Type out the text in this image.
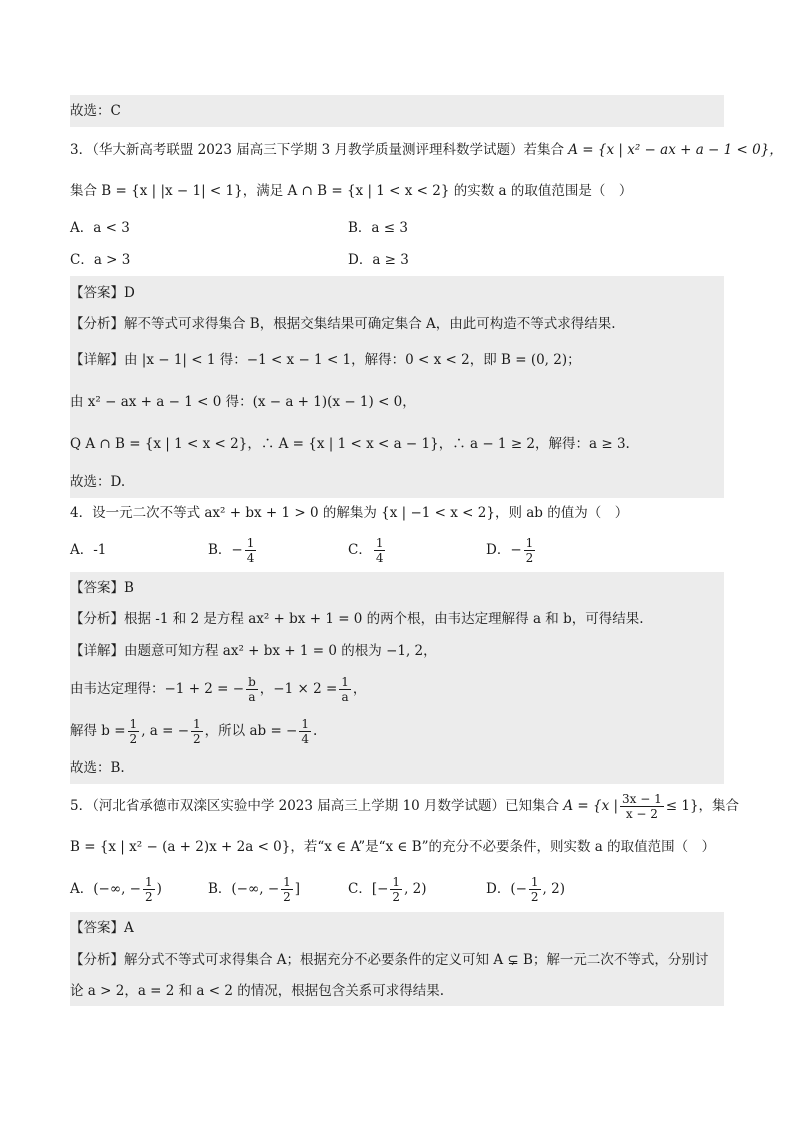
故选：C
3．（华大新高考联盟 2023 届高三下学期 3 月教学质量测评理科数学试题）若集合 A = {x | x² − ax + a − 1 < 0}，
集合 B = {x | |x − 1| < 1}，满足 A ∩ B = {x | 1 < x < 2} 的实数 a 的取值范围是（　）
A．a < 3	B．a ≤ 3
C．a > 3	D．a ≥ 3
【答案】D
【分析】解不等式可求得集合 B，根据交集结果可确定集合 A，由此可构造不等式求得结果.
【详解】由 |x − 1| < 1 得：−1 < x − 1 < 1，解得：0 < x < 2，即 B = (0, 2)；
由 x² − ax + a − 1 < 0 得：(x − a + 1)(x − 1) < 0，
Q A ∩ B = {x | 1 < x < 2}，∴ A = {x | 1 < x < a − 1}，∴ a − 1 ≥ 2，解得：a ≥ 3.
故选：D.
4．设一元二次不等式 ax² + bx + 1 > 0 的解集为 {x | −1 < x < 2}，则 ab 的值为（　）
A．-1	B．− $\frac{1}{4}$	C． $\frac{1}{4}$	D．− $\frac{1}{2}$
【答案】B
【分析】根据 -1 和 2 是方程 ax² + bx + 1 = 0 的两个根，由韦达定理解得 a 和 b，可得结果.
【详解】由题意可知方程 ax² + bx + 1 = 0 的根为 −1, 2，
由韦达定理得：−1 + 2 = − $\frac{b}{a}$ ，$-1 \times 2 = \frac{1}{a}$ ，
解得 $b = \frac{1}{2}$ , a = − $\frac{1}{2}$ ，所以 ab = − $\frac{1}{4}$ .
故选：B.
5．（河北省承德市双滦区实验中学 2023 届高三上学期 10 月数学试题）已知集合 A = {x | $\frac{3x - 1}{x - 2} \le 1$}，集合
B = {x | x² − (a + 2)x + 2a < 0}，若“x ∈ A”是“x ∈ B”的充分不必要条件，则实数 a 的取值范围（　）
A．(−∞, − $\frac{1}{2}$ )	B．(−∞, − $\frac{1}{2}$ ]	C．[− $\frac{1}{2}$ , 2)	D．(− $\frac{1}{2}$ , 2)
【答案】A
【分析】解分式不等式可求得集合 A；根据充分不必要条件的定义可知 A ⊊ B；解一元二次不等式，分别讨
论 a > 2，a = 2 和 a < 2 的情况，根据包含关系可求得结果.
